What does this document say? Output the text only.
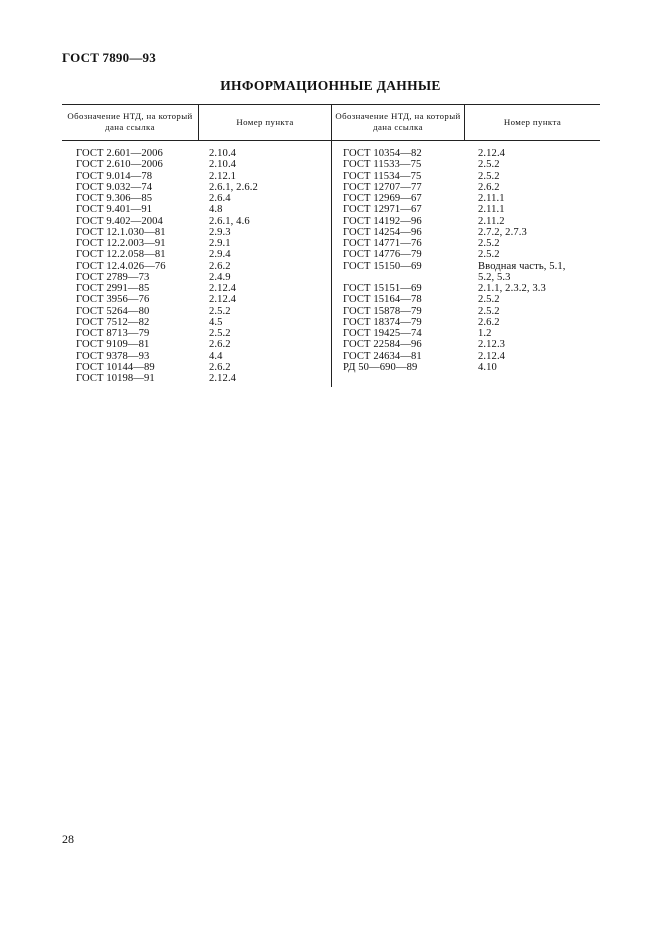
ГОСТ 7890—93
ИНФОРМАЦИОННЫЕ ДАННЫЕ
Обозначение НТД, на который дана ссылка
Номер пункта
Обозначение НТД, на который дана ссылка
Номер пункта
ГОСТ 2.601—2006
ГОСТ 2.610—2006
ГОСТ 9.014—78
ГОСТ 9.032—74
ГОСТ 9.306—85
ГОСТ 9.401—91
ГОСТ 9.402—2004
ГОСТ 12.1.030—81
ГОСТ 12.2.003—91
ГОСТ 12.2.058—81
ГОСТ 12.4.026—76
ГОСТ 2789—73
ГОСТ 2991—85
ГОСТ 3956—76
ГОСТ 5264—80
ГОСТ 7512—82
ГОСТ 8713—79
ГОСТ 9109—81
ГОСТ 9378—93
ГОСТ 10144—89
ГОСТ 10198—91
2.10.4
2.10.4
2.12.1
2.6.1, 2.6.2
2.6.4
4.8
2.6.1, 4.6
2.9.3
2.9.1
2.9.4
2.6.2
2.4.9
2.12.4
2.12.4
2.5.2
4.5
2.5.2
2.6.2
4.4
2.6.2
2.12.4
ГОСТ 10354—82
ГОСТ 11533—75
ГОСТ 11534—75
ГОСТ 12707—77
ГОСТ 12969—67
ГОСТ 12971—67
ГОСТ 14192—96
ГОСТ 14254—96
ГОСТ 14771—76
ГОСТ 14776—79
ГОСТ 15150—69
ГОСТ 15151—69
ГОСТ 15164—78
ГОСТ 15878—79
ГОСТ 18374—79
ГОСТ 19425—74
ГОСТ 22584—96
ГОСТ 24634—81
РД 50—690—89
2.12.4
2.5.2
2.5.2
2.6.2
2.11.1
2.11.1
2.11.2
2.7.2, 2.7.3
2.5.2
2.5.2
Вводная часть, 5.1,
5.2, 5.3
2.1.1, 2.3.2, 3.3
2.5.2
2.5.2
2.6.2
1.2
2.12.3
2.12.4
4.10
28
